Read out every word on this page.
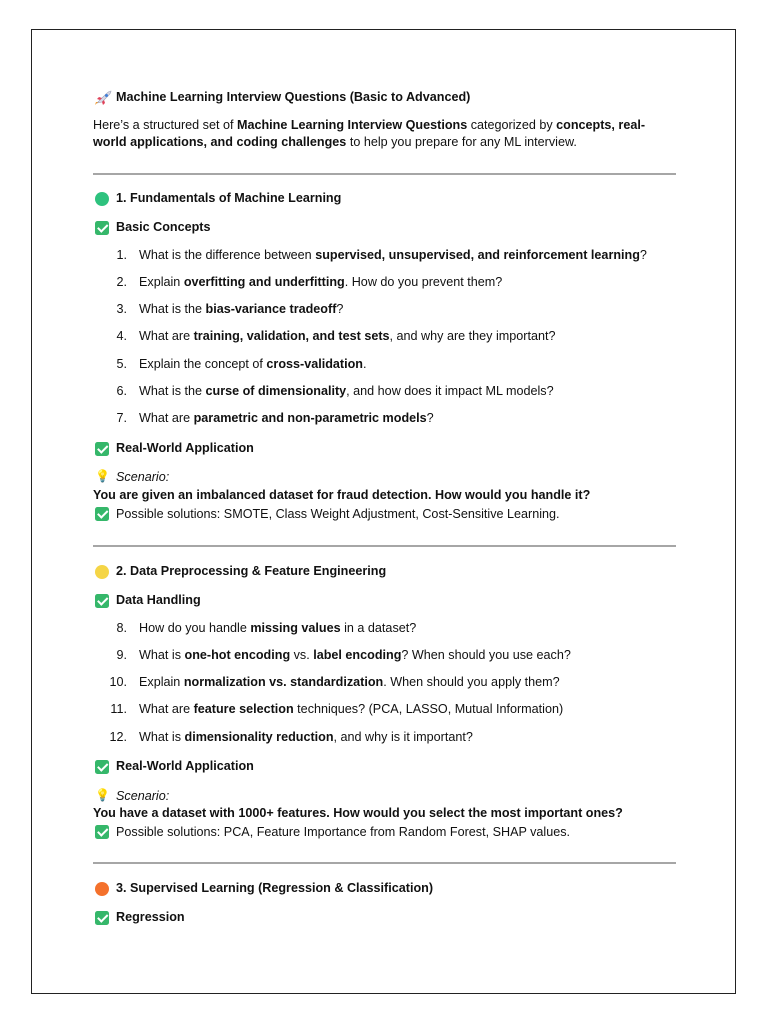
Machine Learning Interview Questions (Basic to Advanced)
Here’s a structured set of Machine Learning Interview Questions categorized by concepts, real-
world applications, and coding challenges to help you prepare for any ML interview.
1. Fundamentals of Machine Learning
Basic Concepts
1. What is the difference between supervised, unsupervised, and reinforcement learning?
2. Explain overfitting and underfitting. How do you prevent them?
3. What is the bias-variance tradeoff?
4. What are training, validation, and test sets, and why are they important?
5. Explain the concept of cross-validation.
6. What is the curse of dimensionality, and how does it impact ML models?
7. What are parametric and non-parametric models?
Real-World Application
💡 Scenario:
You are given an imbalanced dataset for fraud detection. How would you handle it?
Possible solutions: SMOTE, Class Weight Adjustment, Cost-Sensitive Learning.
2. Data Preprocessing & Feature Engineering
Data Handling
8. How do you handle missing values in a dataset?
9. What is one-hot encoding vs. label encoding? When should you use each?
10. Explain normalization vs. standardization. When should you apply them?
11. What are feature selection techniques? (PCA, LASSO, Mutual Information)
12. What is dimensionality reduction, and why is it important?
Real-World Application
💡 Scenario:
You have a dataset with 1000+ features. How would you select the most important ones?
Possible solutions: PCA, Feature Importance from Random Forest, SHAP values.
3. Supervised Learning (Regression & Classification)
Regression
